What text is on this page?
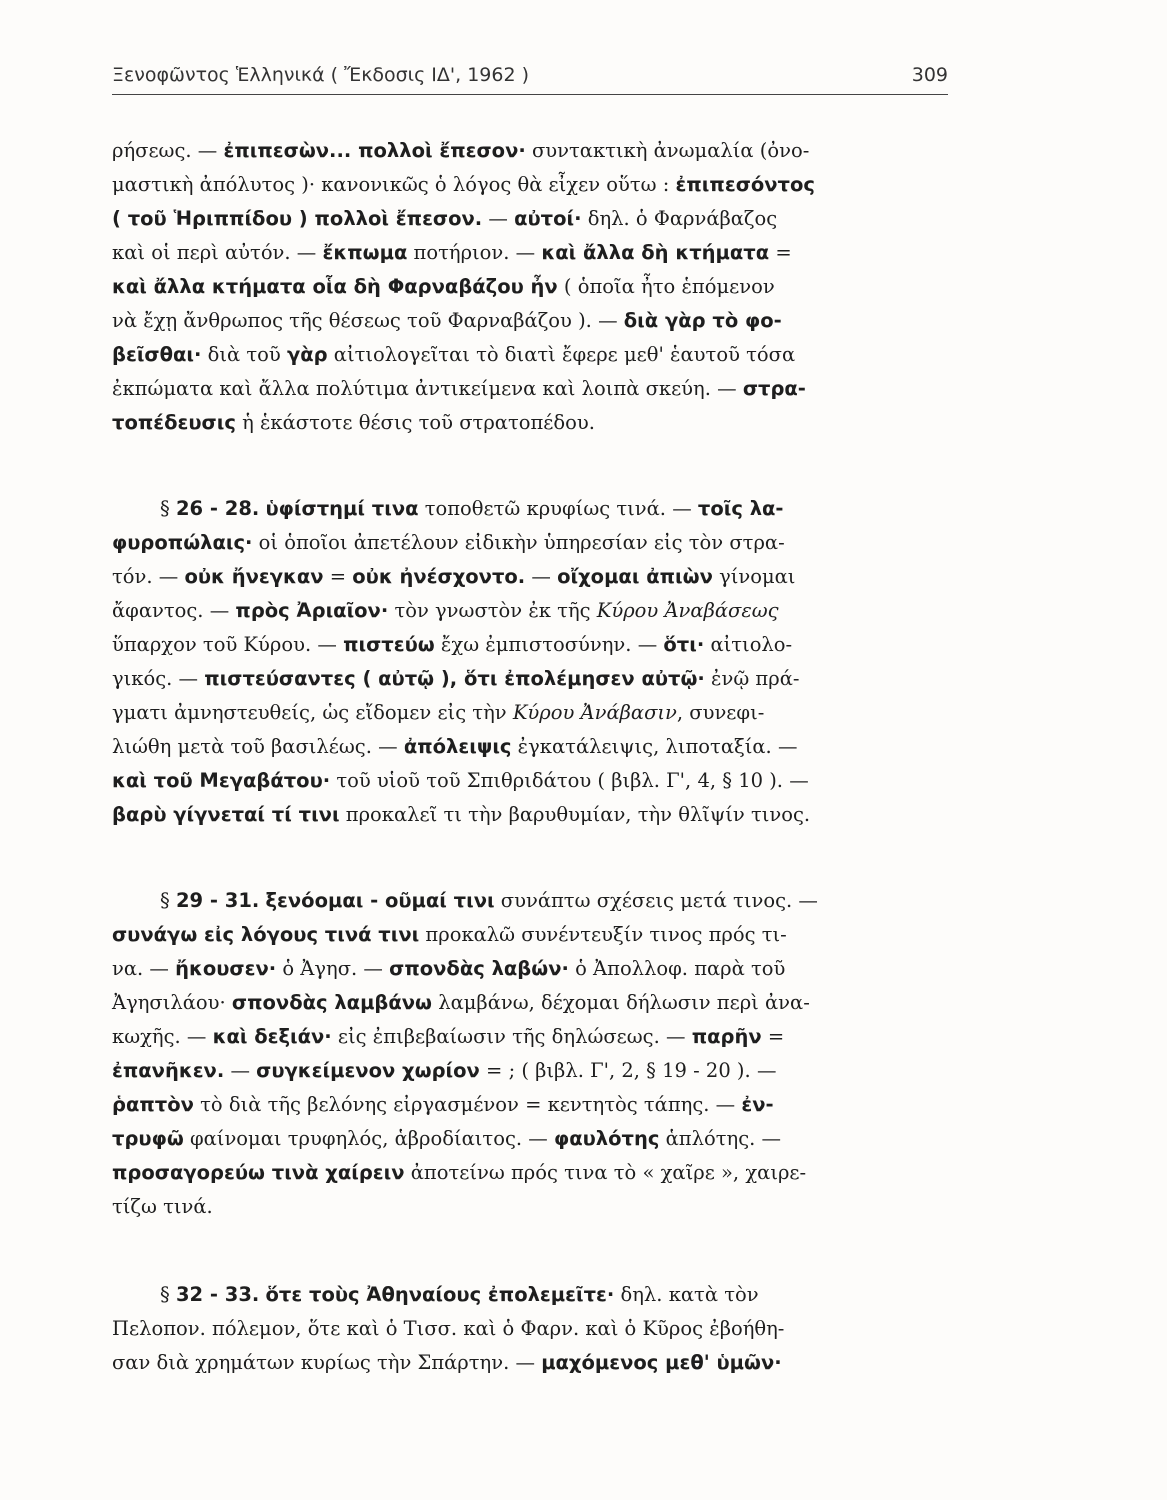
Ξενοφῶντος Ἑλληνικά ( Ἔκδοσις ΙΔ', 1962 )	309
ρήσεως. — ἐπιπεσὼν... πολλοὶ ἔπεσον· συντακτικὴ ἀνωμαλία (ὀνο-
μαστικὴ ἀπόλυτος )· κανονικῶς ὁ λόγος θὰ εἶχεν οὕτω : ἐπιπεσόντος
( τοῦ Ἡριππίδου ) πολλοὶ ἔπεσον. — αὐτοί· δηλ. ὁ Φαρνάβαζος
καὶ οἱ περὶ αὐτόν. — ἔκπωμα ποτήριον. — καὶ ἄλλα δὴ κτήματα =
καὶ ἄλλα κτήματα οἷα δὴ Φαρναβάζου ἦν ( ὁποῖα ἦτο ἑπόμενον
νὰ ἔχῃ ἄνθρωπος τῆς θέσεως τοῦ Φαρναβάζου ). — διὰ γὰρ τὸ φο-
βεῖσθαι· διὰ τοῦ γὰρ αἰτιολογεῖται τὸ διατὶ ἔφερε μεθ' ἑαυτοῦ τόσα
ἐκπώματα καὶ ἄλλα πολύτιμα ἀντικείμενα καὶ λοιπὰ σκεύη. — στρα-
τοπέδευσις ἡ ἑκάστοτε θέσις τοῦ στρατοπέδου.
§ 26 - 28. ὑφίστημί τινα τοποθετῶ κρυφίως τινά. — τοῖς λα-
φυροπώλαις· οἱ ὁποῖοι ἀπετέλουν εἰδικὴν ὑπηρεσίαν εἰς τὸν στρα-
τόν. — οὐκ ἤνεγκαν = οὐκ ἠνέσχοντο. — οἴχομαι ἀπιὼν γίνομαι
ἄφαντος. — πρὸς Ἀριαῖον· τὸν γνωστὸν ἐκ τῆς Κύρου Ἀναβάσεως
ὕπαρχον τοῦ Κύρου. — πιστεύω ἔχω ἐμπιστοσύνην. — ὅτι· αἰτιολο-
γικός. — πιστεύσαντες ( αὐτῷ ), ὅτι ἐπολέμησεν αὐτῷ· ἐνῷ πρά-
γματι ἀμνηστευθείς, ὡς εἴδομεν εἰς τὴν Κύρου Ἀνάβασιν, συνεφι-
λιώθη μετὰ τοῦ βασιλέως. — ἀπόλειψις ἐγκατάλειψις, λιποταξία. —
καὶ τοῦ Μεγαβάτου· τοῦ υἱοῦ τοῦ Σπιθριδάτου ( βιβλ. Γ', 4, § 10 ). —
βαρὺ γίγνεταί τί τινι προκαλεῖ τι τὴν βαρυθυμίαν, τὴν θλῖψίν τινος.
§ 29 - 31. ξενόομαι - οῦμαί τινι συνάπτω σχέσεις μετά τινος. —
συνάγω εἰς λόγους τινά τινι προκαλῶ συνέντευξίν τινος πρός τι-
να. — ἤκουσεν· ὁ Ἀγησ. — σπονδὰς λαβών· ὁ Ἀπολλοφ. παρὰ τοῦ
Ἀγησιλάου· σπονδὰς λαμβάνω λαμβάνω, δέχομαι δήλωσιν περὶ ἀνα-
κωχῆς. — καὶ δεξιάν· εἰς ἐπιβεβαίωσιν τῆς δηλώσεως. — παρῆν =
ἐπανῆκεν. — συγκείμενον χωρίον = ; ( βιβλ. Γ', 2, § 19 - 20 ). —
ῥαπτὸν τὸ διὰ τῆς βελόνης εἰργασμένον = κεντητὸς τάπης. — ἐν-
τρυφῶ φαίνομαι τρυφηλός, ἁβροδίαιτος. — φαυλότης ἁπλότης. —
προσαγορεύω τινὰ χαίρειν ἀποτείνω πρός τινα τὸ « χαῖρε », χαιρε-
τίζω τινά.
§ 32 - 33. ὅτε τοὺς Ἀθηναίους ἐπολεμεῖτε· δηλ. κατὰ τὸν
Πελοπον. πόλεμον, ὅτε καὶ ὁ Τισσ. καὶ ὁ Φαρν. καὶ ὁ Κῦρος ἐβοήθη-
σαν διὰ χρημάτων κυρίως τὴν Σπάρτην. — μαχόμενος μεθ' ὑμῶν·
